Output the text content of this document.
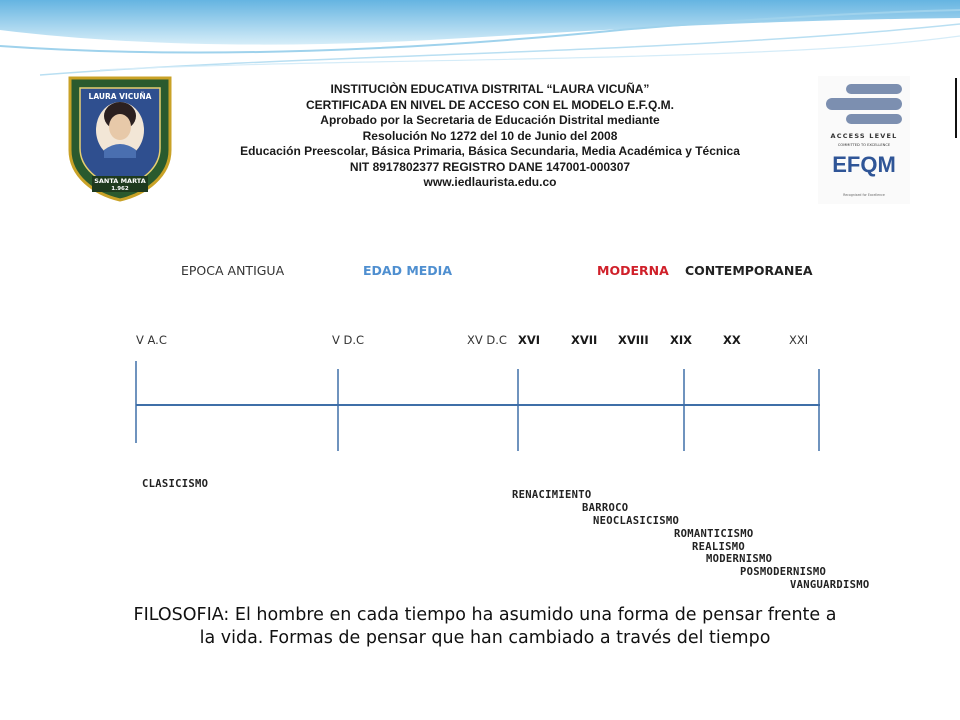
SANTA MARTA
1.962
LAURA VICUÑA
INSTITUCIÒN EDUCATIVA DISTRITAL “LAURA VICUÑA”
CERTIFICADA EN NIVEL DE ACCESO CON EL MODELO E.F.Q.M.
Aprobado por la Secretaria de Educación Distrital mediante
Resolución No 1272 del 10 de Junio del 2008
Educación Preescolar, Básica Primaria, Básica Secundaria, Media Académica y Técnica
NIT 8917802377 REGISTRO DANE 147001-000307
www.iedlaurista.edu.co
ACCESS LEVEL
COMMITTED TO EXCELLENCE
EFQM
Recognised for Excellence
EPOCA ANTIGUA	EDAD MEDIA	MODERNA CONTEMPORANEA
V A.C	V D.C	XV D.C XVI	XVII XVIII XIX	XX	XXI
CLASICISMO
RENACIMIENTO
BARROCO
NEOCLASICISMO
ROMANTICISMO
REALISMO
MODERNISMO
POSMODERNISMO
VANGUARDISMO
FILOSOFIA: El hombre en cada tiempo ha asumido una forma de pensar frente a
la vida. Formas de pensar que han cambiado a través del tiempo
